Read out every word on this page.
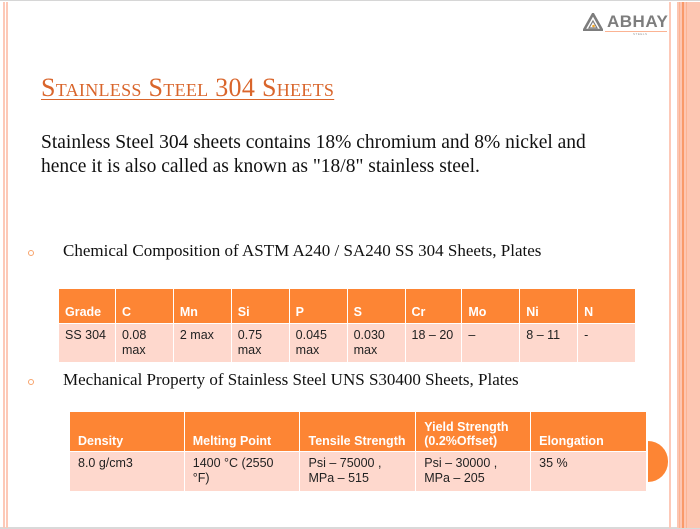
ABHAY
STEELS
Stainless Steel 304 Sheets
Stainless Steel 304 sheets contains 18% chromium and 8% nickel and hence it is also called as known as "18/8" stainless steel.
Chemical Composition of ASTM A240 / SA240 SS 304 Sheets, Plates
Grade	C	Mn	Si	P	S	Cr	Mo	Ni	N
SS 304	0.08 max	2 max	0.75 max	0.045 max	0.030 max	18 – 20	–	8 – 11	-
Mechanical Property of Stainless Steel UNS S30400 Sheets, Plates
Density	Melting Point	Tensile Strength	Yield Strength (0.2%Offset)	Elongation
8.0 g/cm3	1400 °C (2550 °F)	Psi – 75000 , MPa – 515	Psi – 30000 , MPa – 205	35 %
